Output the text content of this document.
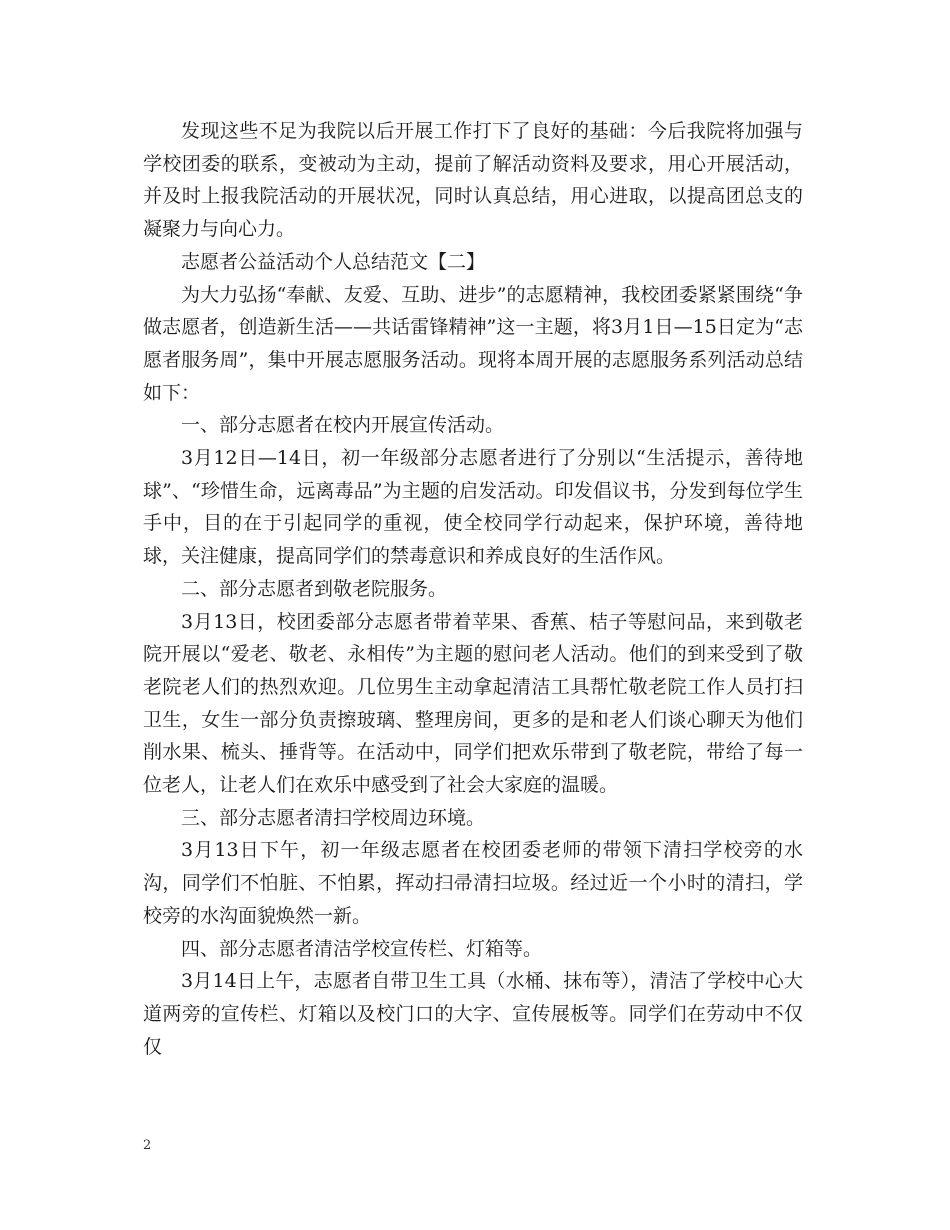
发现这些不足为我院以后开展工作打下了良好的基础：今后我院将加强与学校团委的联系，变被动为主动，提前了解活动资料及要求，用心开展活动，并及时上报我院活动的开展状况，同时认真总结，用心进取，以提高团总支的凝聚力与向心力。

志愿者公益活动个人总结范文【二】

为大力弘扬“奉献、友爱、互助、进步”的志愿精神，我校团委紧紧围绕“争做志愿者，创造新生活——共话雷锋精神”这一主题，将3月1日—15日定为“志愿者服务周”，集中开展志愿服务活动。现将本周开展的志愿服务系列活动总结如下：

一、部分志愿者在校内开展宣传活动。

3月12日—14日，初一年级部分志愿者进行了分别以“生活提示，善待地球”、“珍惜生命，远离毒品”为主题的启发活动。印发倡议书，分发到每位学生手中，目的在于引起同学的重视，使全校同学行动起来，保护环境，善待地球，关注健康，提高同学们的禁毒意识和养成良好的生活作风。

二、部分志愿者到敬老院服务。

3月13日，校团委部分志愿者带着苹果、香蕉、桔子等慰问品，来到敬老院开展以“爱老、敬老、永相传”为主题的慰问老人活动。他们的到来受到了敬老院老人们的热烈欢迎。几位男生主动拿起清洁工具帮忙敬老院工作人员打扫卫生，女生一部分负责擦玻璃、整理房间，更多的是和老人们谈心聊天为他们削水果、梳头、捶背等。在活动中，同学们把欢乐带到了敬老院，带给了每一位老人，让老人们在欢乐中感受到了社会大家庭的温暖。

三、部分志愿者清扫学校周边环境。

3月13日下午，初一年级志愿者在校团委老师的带领下清扫学校旁的水沟，同学们不怕脏、不怕累，挥动扫帚清扫垃圾。经过近一个小时的清扫，学校旁的水沟面貌焕然一新。

四、部分志愿者清洁学校宣传栏、灯箱等。

3月14日上午，志愿者自带卫生工具（水桶、抹布等），清洁了学校中心大道两旁的宣传栏、灯箱以及校门口的大字、宣传展板等。同学们在劳动中不仅仅

2
